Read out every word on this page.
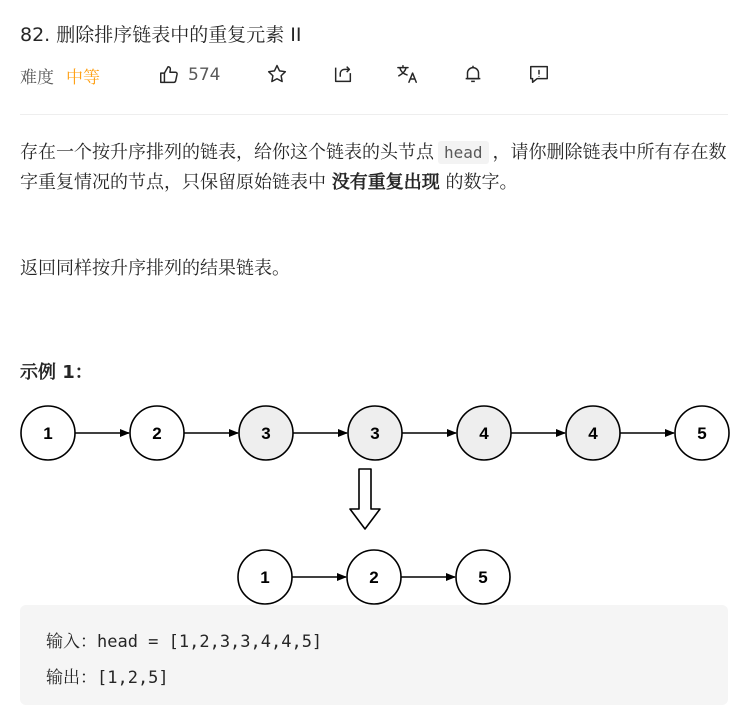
82. 删除排序链表中的重复元素 II
难度 中等	574
存在一个按升序排列的链表，给你这个链表的头节点 head ，请你删除链表中所有存在数字重复情况的节点，只保留原始链表中 没有重复出现 的数字。
返回同样按升序排列的结果链表。
示例 1：
1	2	3	3	4	4	5
1	2	5
输入：head = [1,2,3,3,4,4,5]
输出：[1,2,5]
